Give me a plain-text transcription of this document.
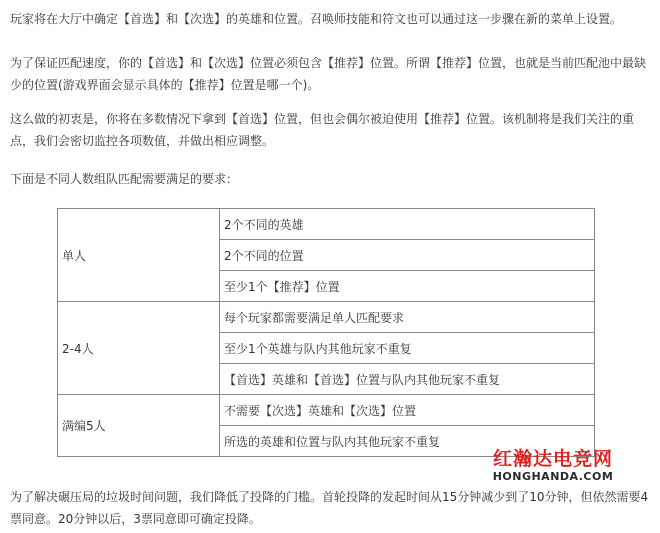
玩家将在大厅中确定【首选】和【次选】的英雄和位置。召唤师技能和符文也可以通过这一步骤在新的菜单上设置。

为了保证匹配速度，你的【首选】和【次选】位置必须包含【推荐】位置。所谓【推荐】位置，也就是当前匹配池中最缺少的位置(游戏界面会显示具体的【推荐】位置是哪一个)。

这么做的初衷是，你将在多数情况下拿到【首选】位置，但也会偶尔被迫使用【推荐】位置。该机制将是我们关注的重点，我们会密切监控各项数值，并做出相应调整。

下面是不同人数组队匹配需要满足的要求：

单人	2个不同的英雄
	2个不同的位置
	至少1个【推荐】位置
2-4人	每个玩家都需要满足单人匹配要求
	至少1个英雄与队内其他玩家不重复
	【首选】英雄和【首选】位置与队内其他玩家不重复
满编5人	不需要【次选】英雄和【次选】位置
	所选的英雄和位置与队内其他玩家不重复
红瀚达电竞网
HONGHANDA.COM

为了解决碾压局的垃圾时间问题，我们降低了投降的门槛。首轮投降的发起时间从15分钟减少到了10分钟，但依然需要4票同意。20分钟以后，3票同意即可确定投降。
